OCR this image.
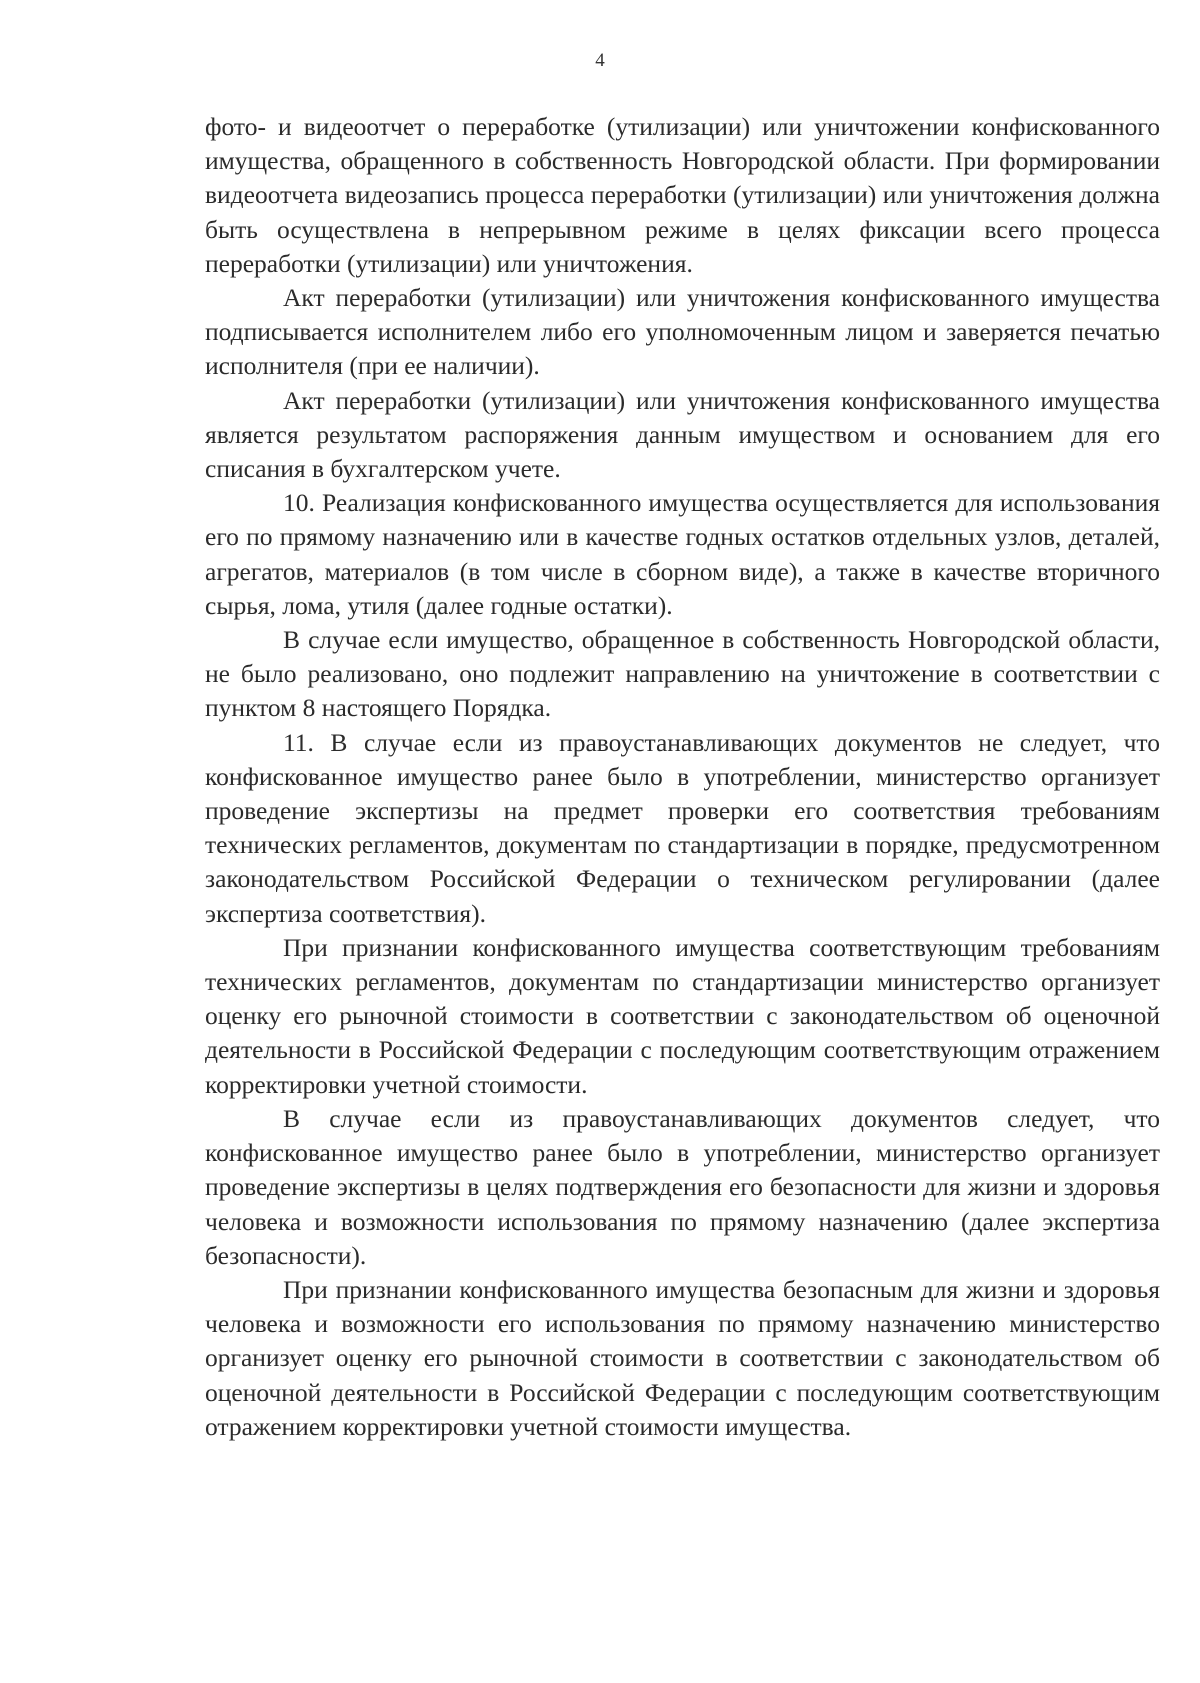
4

фото- и видеоотчет о переработке (утилизации) или уничтожении конфискованного имущества, обращенного в собственность Новгородской области. При формировании видеоотчета видеозапись процесса переработки (утилизации) или уничтожения должна быть осуществлена в непрерывном режиме в целях фиксации всего процесса переработки (утилизации) или уничтожения.

Акт переработки (утилизации) или уничтожения конфискованного имущества подписывается исполнителем либо его уполномоченным лицом и заверяется печатью исполнителя (при ее наличии).

Акт переработки (утилизации) или уничтожения конфискованного имущества является результатом распоряжения данным имуществом и основанием для его списания в бухгалтерском учете.

10. Реализация конфискованного имущества осуществляется для использования его по прямому назначению или в качестве годных остатков отдельных узлов, деталей, агрегатов, материалов (в том числе в сборном виде), а также в качестве вторичного сырья, лома, утиля (далее годные остатки).

В случае если имущество, обращенное в собственность Новгородской области, не было реализовано, оно подлежит направлению на уничтожение в соответствии с пунктом 8 настоящего Порядка.

11. В случае если из правоустанавливающих документов не следует, что конфискованное имущество ранее было в употреблении, министерство организует проведение экспертизы на предмет проверки его соответствия требованиям технических регламентов, документам по стандартизации в порядке, предусмотренном законодательством Российской Федерации о техническом регулировании (далее экспертиза соответствия).

При признании конфискованного имущества соответствующим требованиям технических регламентов, документам по стандартизации министерство организует оценку его рыночной стоимости в соответствии с законодательством об оценочной деятельности в Российской Федерации с последующим соответствующим отражением корректировки учетной стоимости.

В случае если из правоустанавливающих документов следует, что конфискованное имущество ранее было в употреблении, министерство организует проведение экспертизы в целях подтверждения его безопасности для жизни и здоровья человека и возможности использования по прямому назначению (далее экспертиза безопасности).

При признании конфискованного имущества безопасным для жизни и здоровья человека и возможности его использования по прямому назначению министерство организует оценку его рыночной стоимости в соответствии с законодательством об оценочной деятельности в Российской Федерации с последующим соответствующим отражением корректировки учетной стоимости имущества.
